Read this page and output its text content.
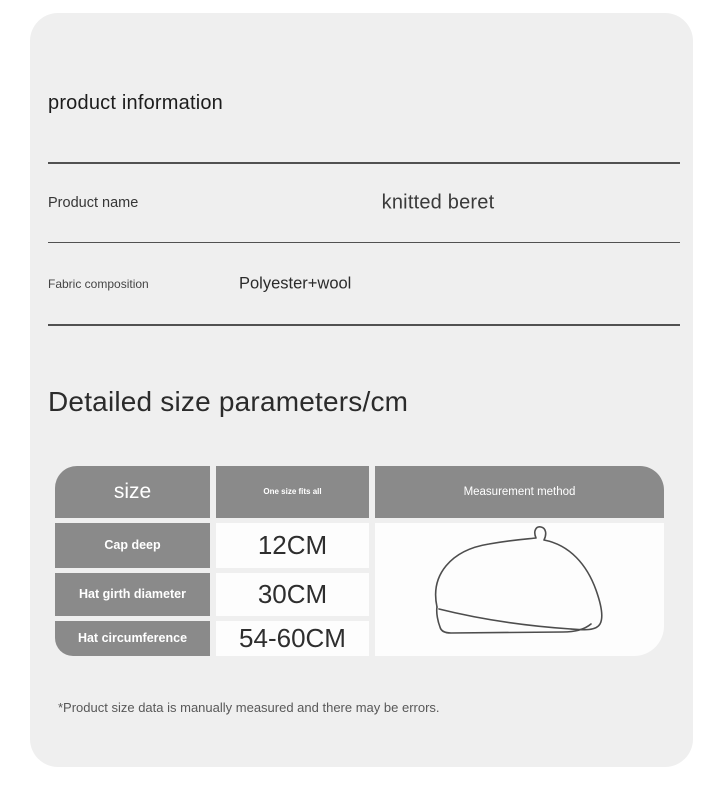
product information
Product name	knitted beret
Fabric composition	Polyester+wool
Detailed size parameters/cm
size	One size fits all	Measurement method
Cap deep	12CM
Hat girth diameter	30CM
Hat circumference	54-60CM

*Product size data is manually measured and there may be errors.
